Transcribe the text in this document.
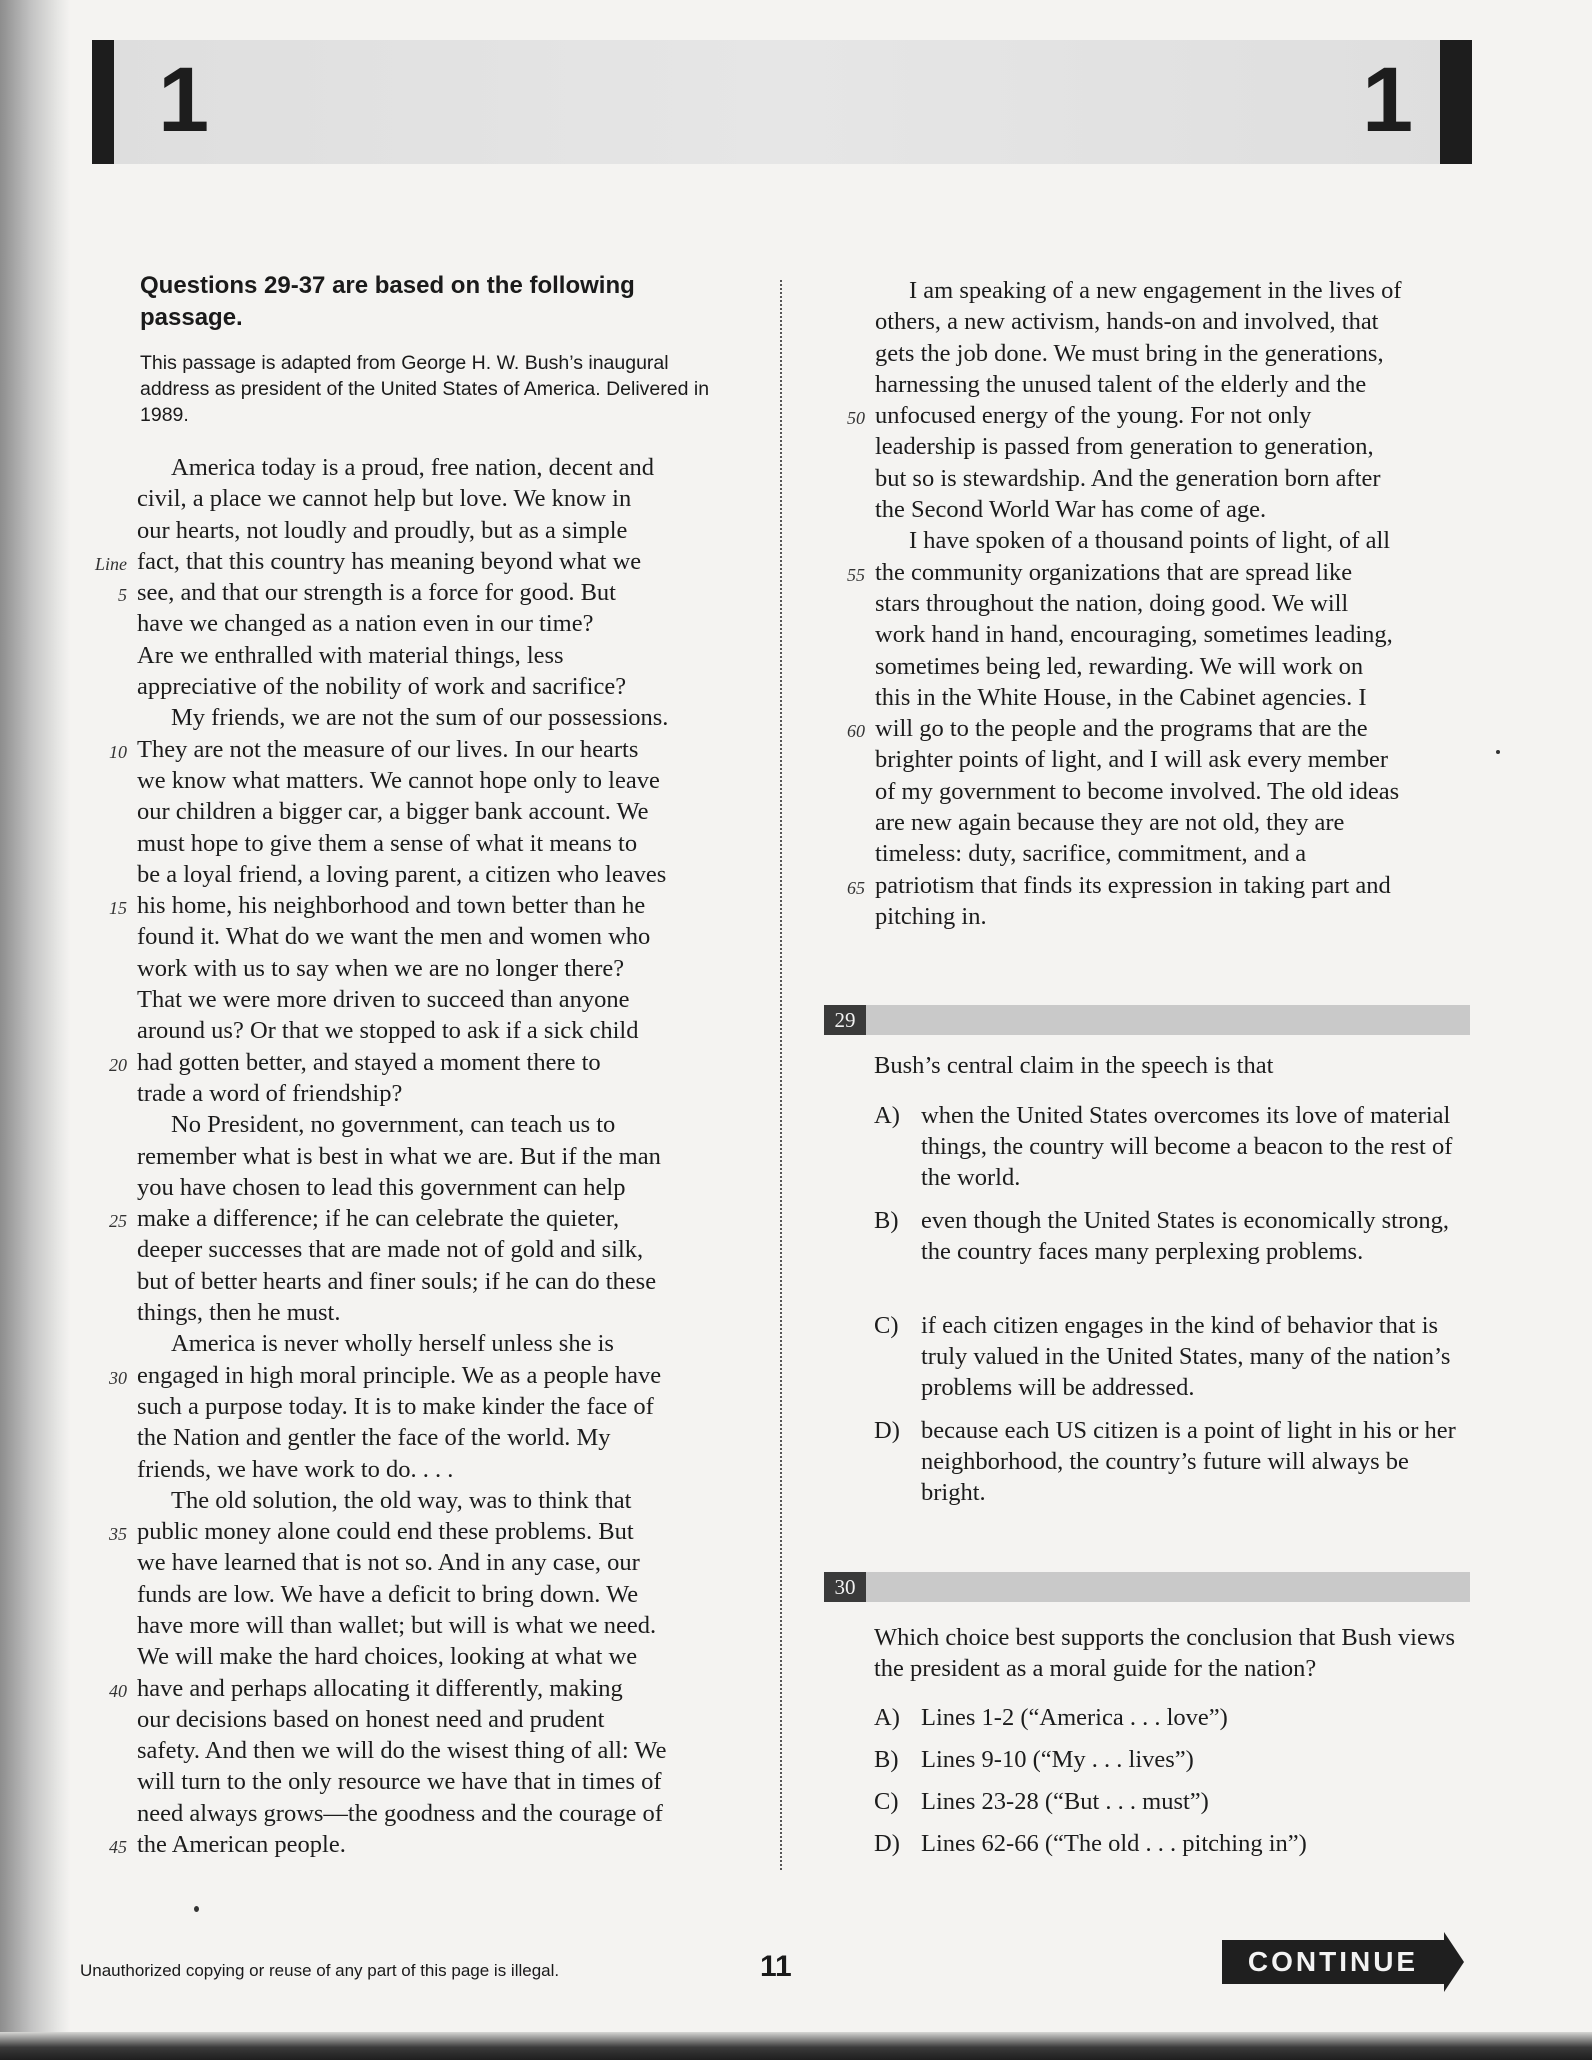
1	1
Questions 29-37 are based on the following passage.
This passage is adapted from George H. W. Bush’s inaugural address as president of the United States of America. Delivered in 1989.
America today is a proud, free nation, decent and
civil, a place we cannot help but love. We know in
our hearts, not loudly and proudly, but as a simple
Line fact, that this country has meaning beyond what we
5 see, and that our strength is a force for good. But
have we changed as a nation even in our time?
Are we enthralled with material things, less
appreciative of the nobility of work and sacrifice?
My friends, we are not the sum of our possessions.
10 They are not the measure of our lives. In our hearts
we know what matters. We cannot hope only to leave
our children a bigger car, a bigger bank account. We
must hope to give them a sense of what it means to
be a loyal friend, a loving parent, a citizen who leaves
15 his home, his neighborhood and town better than he
found it. What do we want the men and women who
work with us to say when we are no longer there?
That we were more driven to succeed than anyone
around us? Or that we stopped to ask if a sick child
20 had gotten better, and stayed a moment there to
trade a word of friendship?
No President, no government, can teach us to
remember what is best in what we are. But if the man
you have chosen to lead this government can help
25 make a difference; if he can celebrate the quieter,
deeper successes that are made not of gold and silk,
but of better hearts and finer souls; if he can do these
things, then he must.
America is never wholly herself unless she is
30 engaged in high moral principle. We as a people have
such a purpose today. It is to make kinder the face of
the Nation and gentler the face of the world. My
friends, we have work to do. . . .
The old solution, the old way, was to think that
35 public money alone could end these problems. But
we have learned that is not so. And in any case, our
funds are low. We have a deficit to bring down. We
have more will than wallet; but will is what we need.
We will make the hard choices, looking at what we
40 have and perhaps allocating it differently, making
our decisions based on honest need and prudent
safety. And then we will do the wisest thing of all: We
will turn to the only resource we have that in times of
need always grows—the goodness and the courage of
45 the American people.
I am speaking of a new engagement in the lives of
others, a new activism, hands-on and involved, that
gets the job done. We must bring in the generations,
harnessing the unused talent of the elderly and the
50 unfocused energy of the young. For not only
leadership is passed from generation to generation,
but so is stewardship. And the generation born after
the Second World War has come of age.
I have spoken of a thousand points of light, of all
55 the community organizations that are spread like
stars throughout the nation, doing good. We will
work hand in hand, encouraging, sometimes leading,
sometimes being led, rewarding. We will work on
this in the White House, in the Cabinet agencies. I
60 will go to the people and the programs that are the
brighter points of light, and I will ask every member
of my government to become involved. The old ideas
are new again because they are not old, they are
timeless: duty, sacrifice, commitment, and a
65 patriotism that finds its expression in taking part and
pitching in.
29
Bush’s central claim in the speech is that
A) when the United States overcomes its love of material things, the country will become a beacon to the rest of the world.
B) even though the United States is economically strong, the country faces many perplexing problems.
C) if each citizen engages in the kind of behavior that is truly valued in the United States, many of the nation’s problems will be addressed.
D) because each US citizen is a point of light in his or her neighborhood, the country’s future will always be bright.
30
Which choice best supports the conclusion that Bush views the president as a moral guide for the nation?
A) Lines 1-2 (“America . . . love”)
B) Lines 9-10 (“My . . . lives”)
C) Lines 23-28 (“But . . . must”)
D) Lines 62-66 (“The old . . . pitching in”)
Unauthorized copying or reuse of any part of this page is illegal.	11	CONTINUE
